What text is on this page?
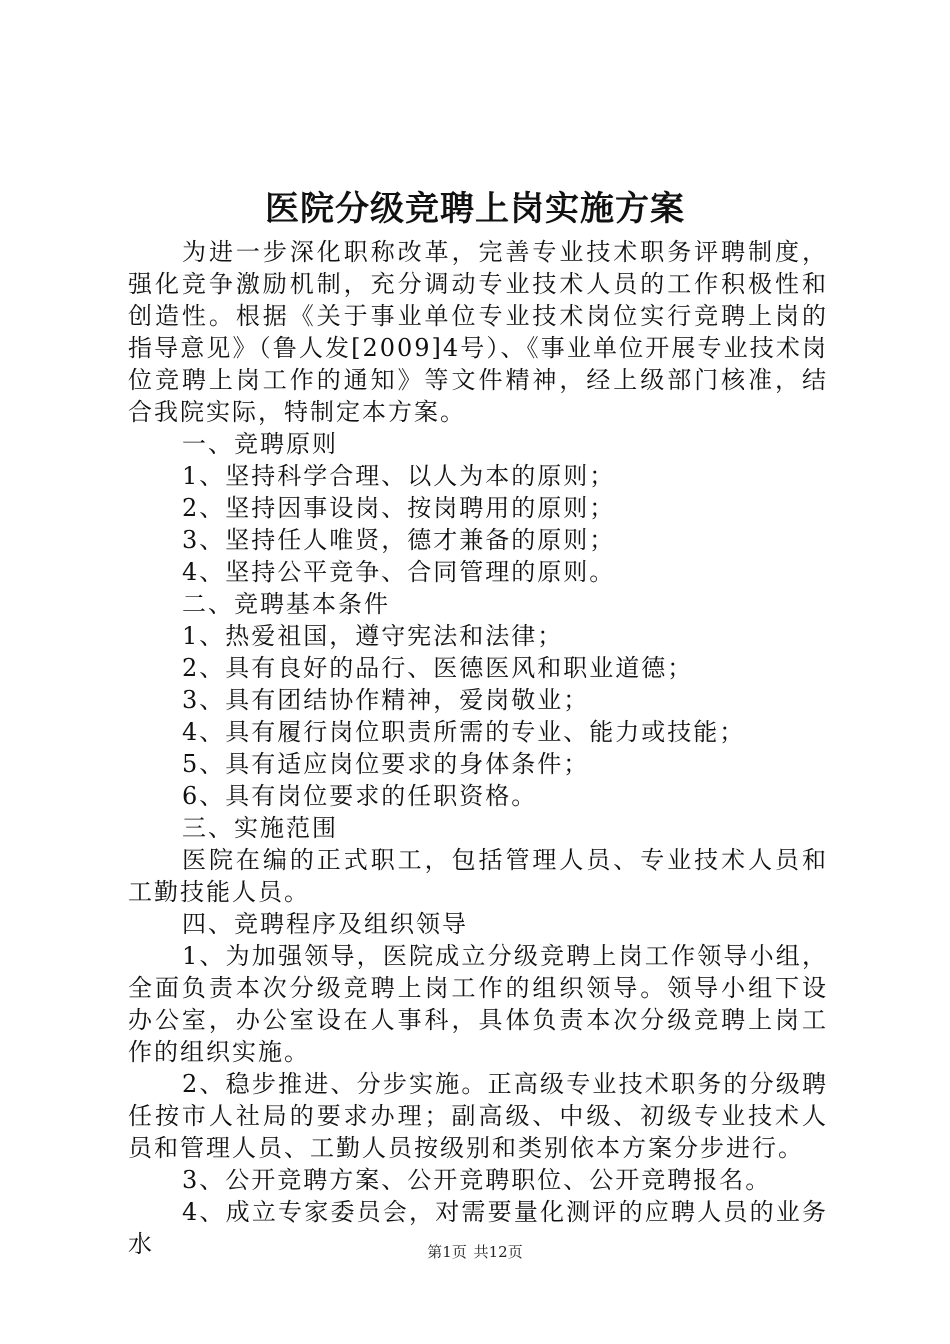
医院分级竞聘上岗实施方案

为进一步深化职称改革，完善专业技术职务评聘制度，强化竞争激励机制，充分调动专业技术人员的工作积极性和创造性。根据《关于事业单位专业技术岗位实行竞聘上岗的指导意见》（鲁人发[2009]4号）、《事业单位开展专业技术岗位竞聘上岗工作的通知》等文件精神，经上级部门核准，结合我院实际，特制定本方案。

一、竞聘原则

1、坚持科学合理、以人为本的原则；

2、坚持因事设岗、按岗聘用的原则；

3、坚持任人唯贤，德才兼备的原则；

4、坚持公平竞争、合同管理的原则。

二、竞聘基本条件

1、热爱祖国，遵守宪法和法律；

2、具有良好的品行、医德医风和职业道德；

3、具有团结协作精神，爱岗敬业；

4、具有履行岗位职责所需的专业、能力或技能；

5、具有适应岗位要求的身体条件；

6、具有岗位要求的任职资格。

三、实施范围

医院在编的正式职工，包括管理人员、专业技术人员和工勤技能人员。

四、竞聘程序及组织领导

1、为加强领导，医院成立分级竞聘上岗工作领导小组，全面负责本次分级竞聘上岗工作的组织领导。领导小组下设办公室，办公室设在人事科，具体负责本次分级竞聘上岗工作的组织实施。

2、稳步推进、分步实施。正高级专业技术职务的分级聘任按市人社局的要求办理；副高级、中级、初级专业技术人员和管理人员、工勤人员按级别和类别依本方案分步进行。

3、公开竞聘方案、公开竞聘职位、公开竞聘报名。

4、成立专家委员会，对需要量化测评的应聘人员的业务水	第1页 共12页
